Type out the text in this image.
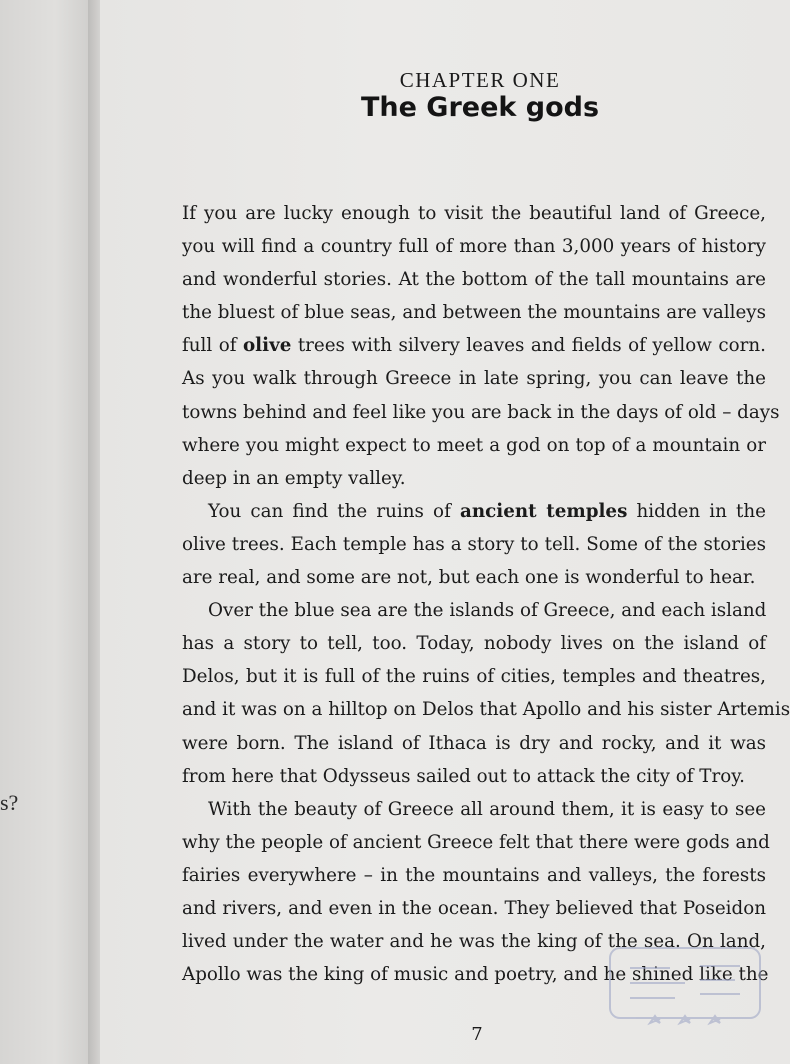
s?
CHAPTER ONE
The Greek gods
If you are lucky enough to visit the beautiful land of Greece,
you will find a country full of more than 3,000 years of history
and wonderful stories. At the bottom of the tall mountains are
the bluest of blue seas, and between the mountains are valleys
full of olive trees with silvery leaves and fields of yellow corn.
As you walk through Greece in late spring, you can leave the
towns behind and feel like you are back in the days of old – days
where you might expect to meet a god on top of a mountain or
deep in an empty valley.
You can find the ruins of ancient temples hidden in the
olive trees. Each temple has a story to tell. Some of the stories
are real, and some are not, but each one is wonderful to hear.
Over the blue sea are the islands of Greece, and each island
has a story to tell, too. Today, nobody lives on the island of
Delos, but it is full of the ruins of cities, temples and theatres,
and it was on a hilltop on Delos that Apollo and his sister Artemis
were born. The island of Ithaca is dry and rocky, and it was
from here that Odysseus sailed out to attack the city of Troy.
With the beauty of Greece all around them, it is easy to see
why the people of ancient Greece felt that there were gods and
fairies everywhere – in the mountains and valleys, the forests
and rivers, and even in the ocean. They believed that Poseidon
lived under the water and he was the king of the sea. On land,
Apollo was the king of music and poetry, and he shined like the
7
